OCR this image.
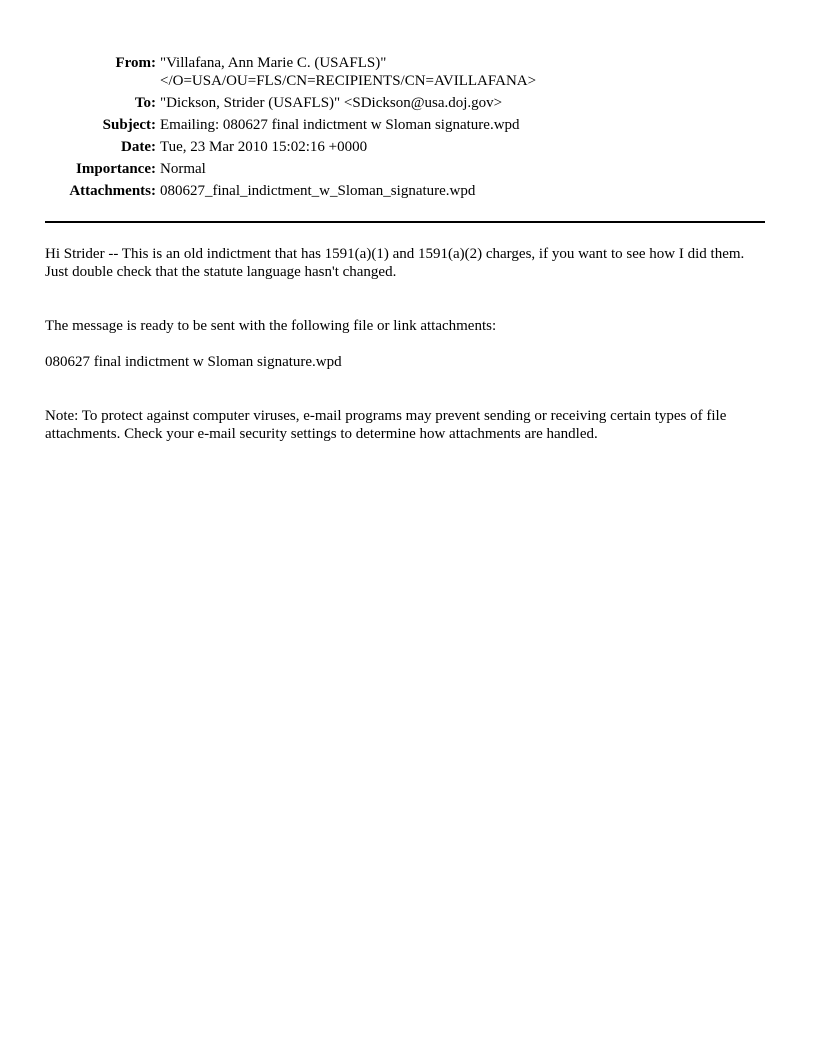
From: "Villafana, Ann Marie C. (USAFLS)"
</O=USA/OU=FLS/CN=RECIPIENTS/CN=AVILLAFANA>
To: "Dickson, Strider (USAFLS)" <SDickson@usa.doj.gov>
Subject: Emailing: 080627 final indictment w Sloman signature.wpd
Date: Tue, 23 Mar 2010 15:02:16 +0000
Importance: Normal
Attachments: 080627_final_indictment_w_Sloman_signature.wpd

Hi Strider -- This is an old indictment that has 1591(a)(1) and 1591(a)(2) charges, if you want to see how I did them. Just double check that the statute language hasn't changed.

The message is ready to be sent with the following file or link attachments:

080627 final indictment w Sloman signature.wpd

Note: To protect against computer viruses, e-mail programs may prevent sending or receiving certain types of file attachments. Check your e-mail security settings to determine how attachments are handled.
